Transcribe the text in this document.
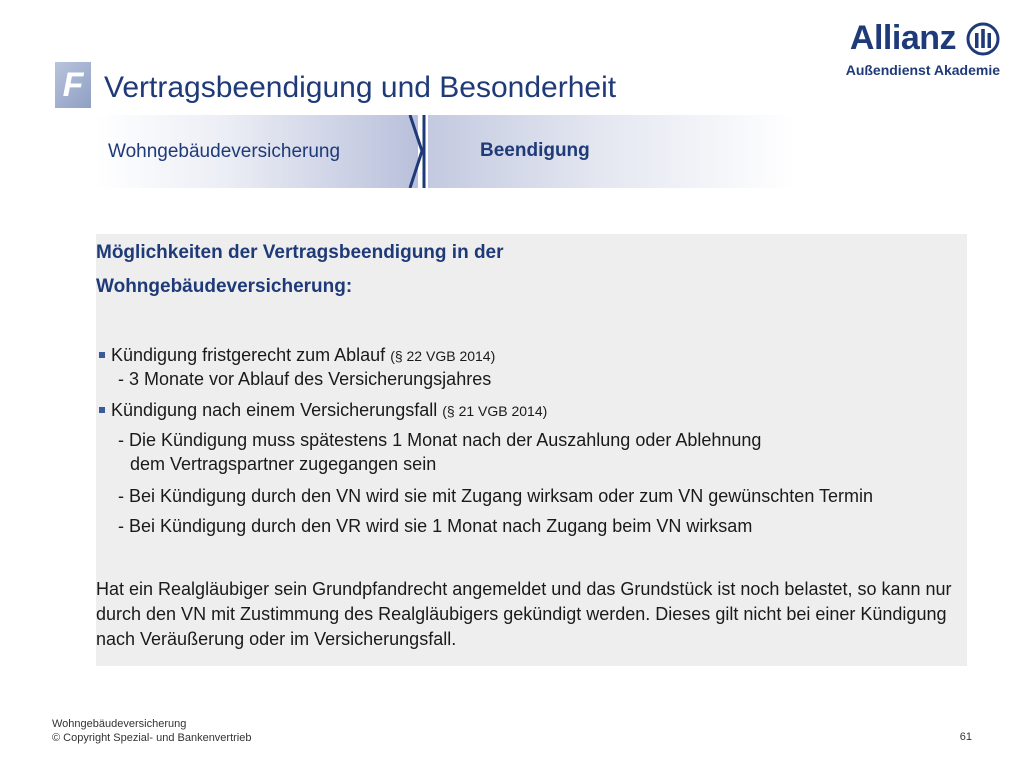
Allianz
Außendienst Akademie
F Vertragsbeendigung und Besonderheit
Wohngebäudeversicherung	Beendigung
Möglichkeiten der Vertragsbeendigung in der
Wohngebäudeversicherung:
Kündigung fristgerecht zum Ablauf (§ 22 VGB 2014)
- 3 Monate vor Ablauf des Versicherungsjahres
Kündigung nach einem Versicherungsfall (§ 21 VGB 2014)
- Die Kündigung muss spätestens 1 Monat nach der Auszahlung oder Ablehnung
dem Vertragspartner zugegangen sein
- Bei Kündigung durch den VN wird sie mit Zugang wirksam oder zum VN gewünschten Termin
- Bei Kündigung durch den VR wird sie 1 Monat nach Zugang beim VN wirksam
Hat ein Realgläubiger sein Grundpfandrecht angemeldet und das Grundstück ist noch belastet, so kann nur durch den VN mit Zustimmung des Realgläubigers gekündigt werden. Dieses gilt nicht bei einer Kündigung nach Veräußerung oder im Versicherungsfall.
Wohngebäudeversicherung
© Copyright Spezial- und Bankenvertrieb	61
